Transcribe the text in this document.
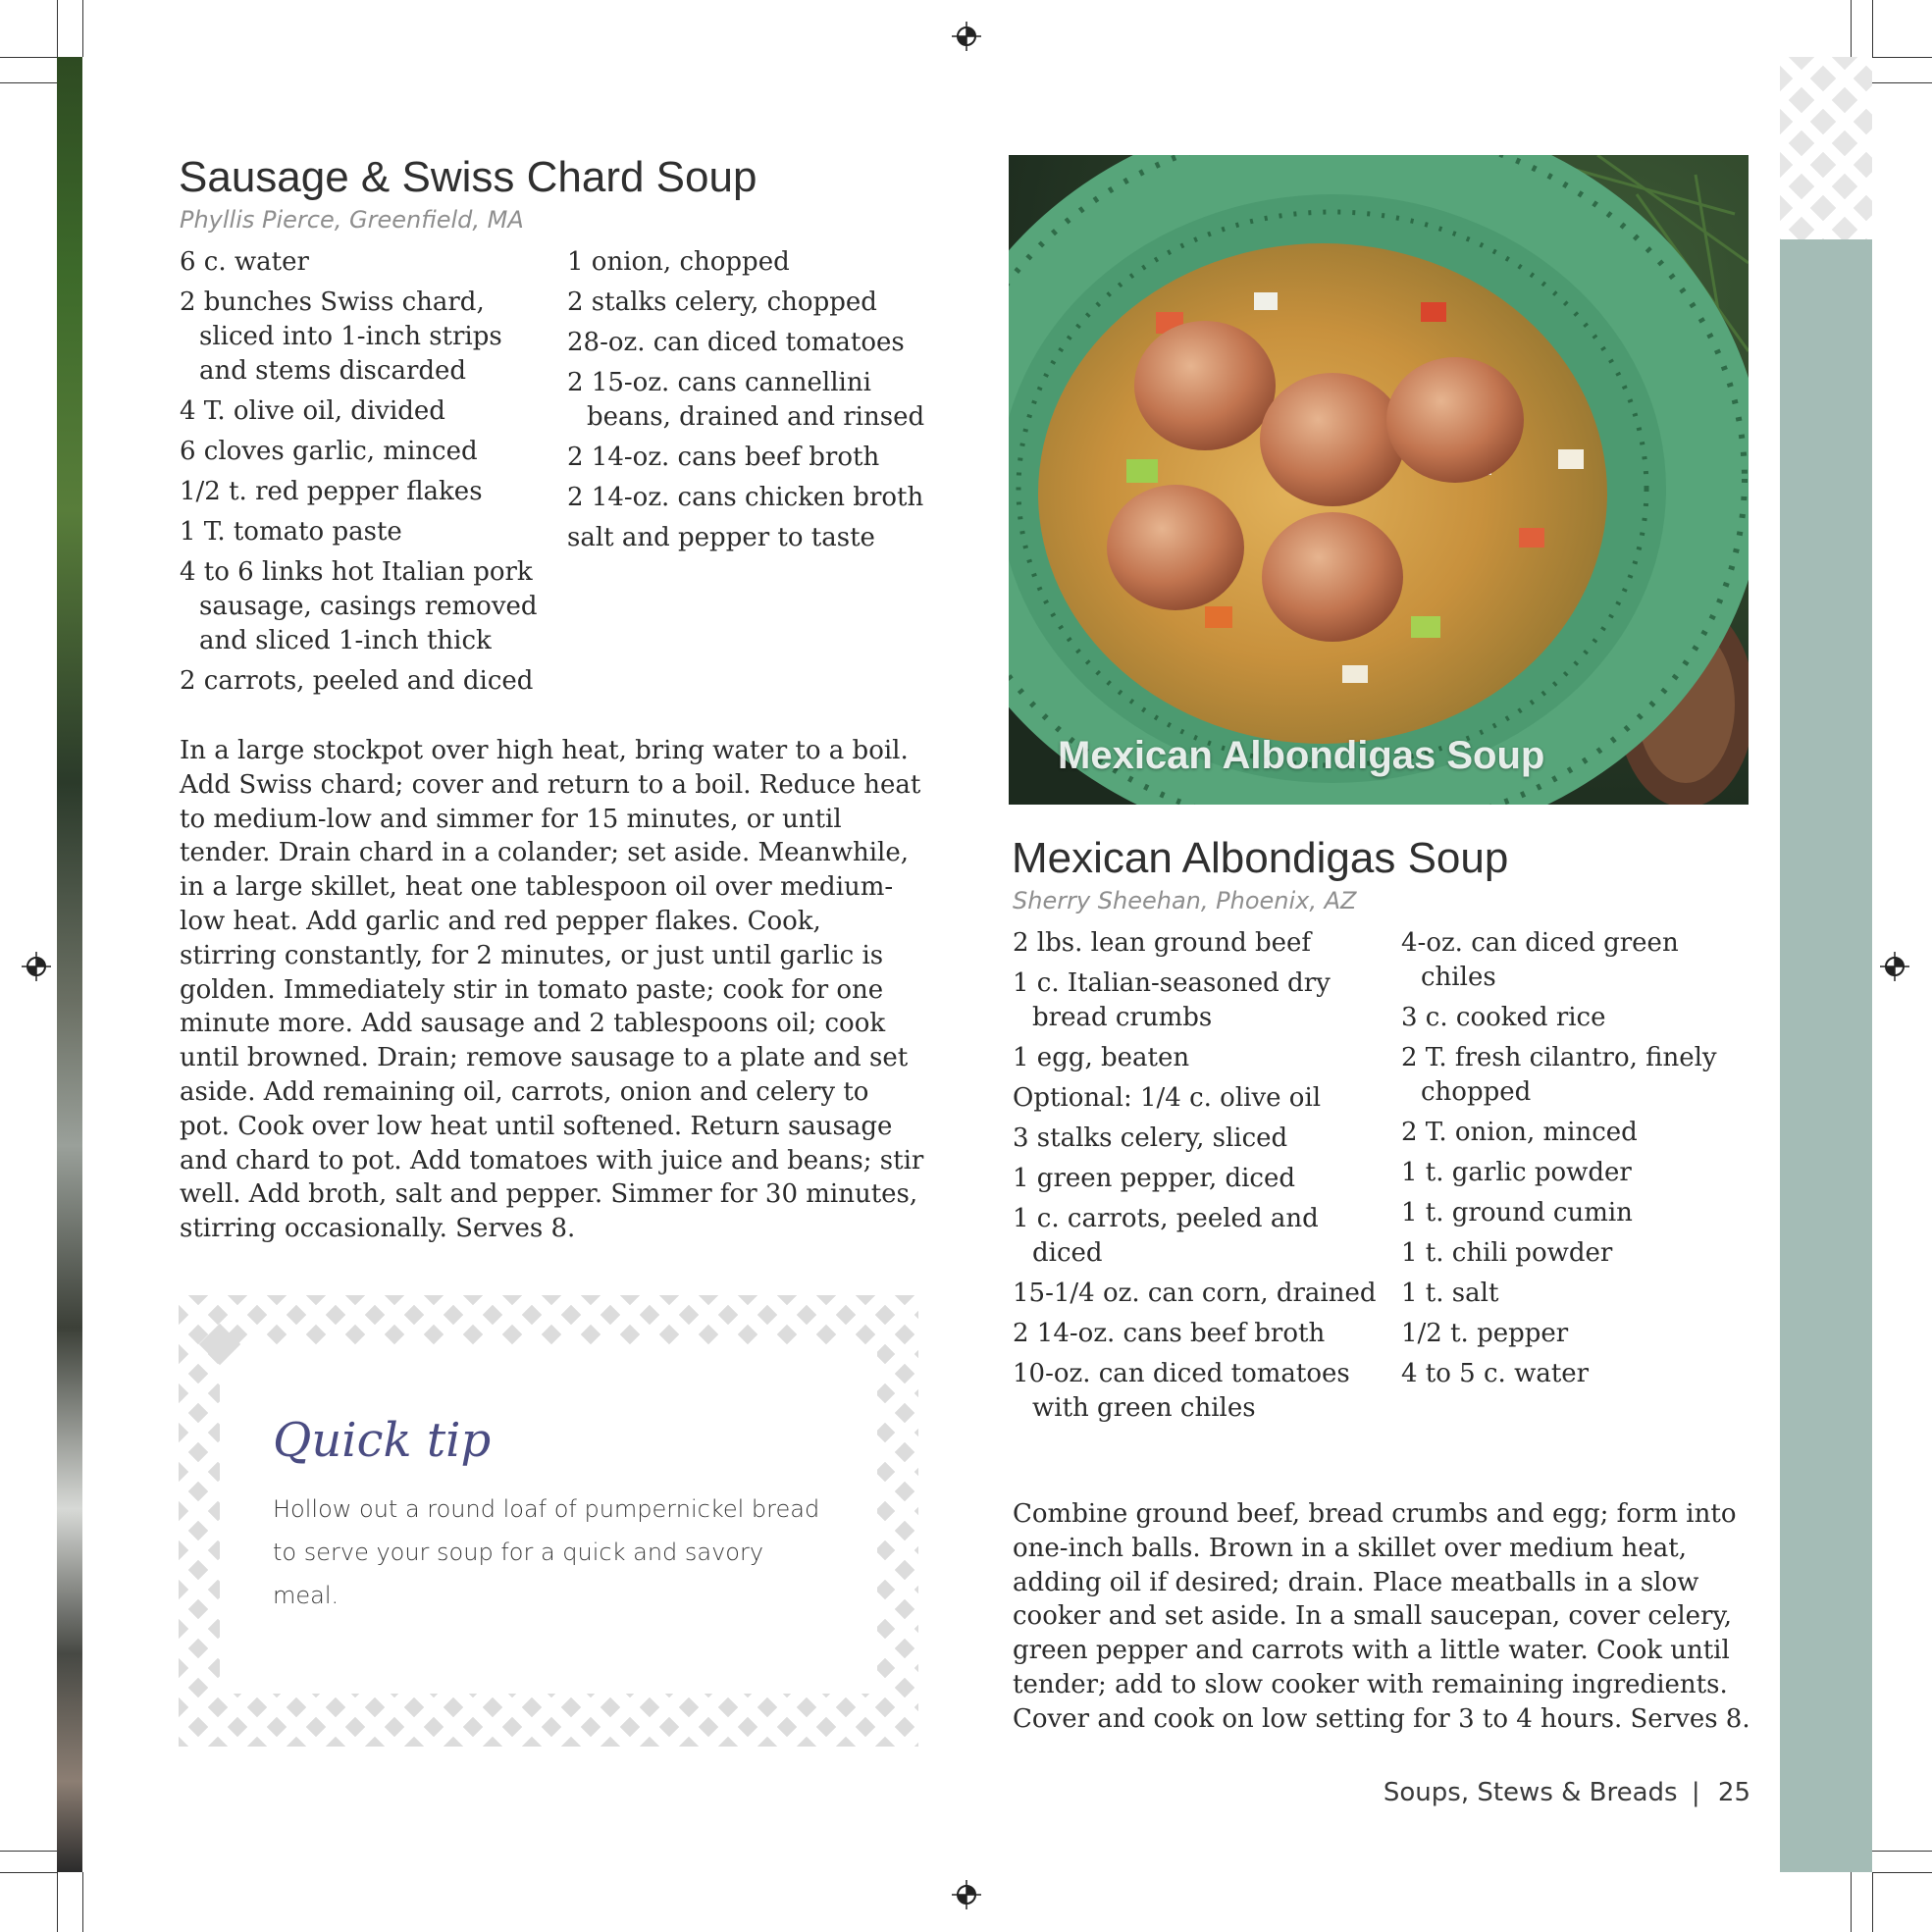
Sausage & Swiss Chard Soup
Phyllis Pierce, Greenfield, MA
6 c. water
2 bunches Swiss chard, sliced into 1-inch strips and stems discarded
4 T. olive oil, divided
6 cloves garlic, minced
1/2 t. red pepper flakes
1 T. tomato paste
4 to 6 links hot Italian pork sausage, casings removed and sliced 1-inch thick
2 carrots, peeled and diced
1 onion, chopped
2 stalks celery, chopped
28-oz. can diced tomatoes
2 15-oz. cans cannellini beans, drained and rinsed
2 14-oz. cans beef broth
2 14-oz. cans chicken broth
salt and pepper to taste

In a large stockpot over high heat, bring water to a boil. Add Swiss chard; cover and return to a boil. Reduce heat to medium-low and simmer for 15 minutes, or until tender. Drain chard in a colander; set aside. Meanwhile, in a large skillet, heat one tablespoon oil over medium-low heat. Add garlic and red pepper flakes. Cook, stirring constantly, for 2 minutes, or just until garlic is golden. Immediately stir in tomato paste; cook for one minute more. Add sausage and 2 tablespoons oil; cook until browned. Drain; remove sausage to a plate and set aside. Add remaining oil, carrots, onion and celery to pot. Cook over low heat until softened. Return sausage and chard to pot. Add tomatoes with juice and beans; stir well. Add broth, salt and pepper. Simmer for 30 minutes, stirring occasionally. Serves 8.

Quick tip

Hollow out a round loaf of pumpernickel bread to serve your soup for a quick and savory meal.

Mexican Albondigas Soup
Mexican Albondigas Soup
Sherry Sheehan, Phoenix, AZ
2 lbs. lean ground beef
1 c. Italian-seasoned dry bread crumbs
1 egg, beaten
Optional: 1/4 c. olive oil
3 stalks celery, sliced
1 green pepper, diced
1 c. carrots, peeled and diced
15-1/4 oz. can corn, drained
2 14-oz. cans beef broth
10-oz. can diced tomatoes with green chiles
4-oz. can diced green chiles
3 c. cooked rice
2 T. fresh cilantro, finely chopped
2 T. onion, minced
1 t. garlic powder
1 t. ground cumin
1 t. chili powder
1 t. salt
1/2 t. pepper
4 to 5 c. water

Combine ground beef, bread crumbs and egg; form into one-inch balls. Brown in a skillet over medium heat, adding oil if desired; drain. Place meatballs in a slow cooker and set aside. In a small saucepan, cover celery, green pepper and carrots with a little water. Cook until tender; add to slow cooker with remaining ingredients. Cover and cook on low setting for 3 to 4 hours. Serves 8.

Soups, Stews & Breads | 25
